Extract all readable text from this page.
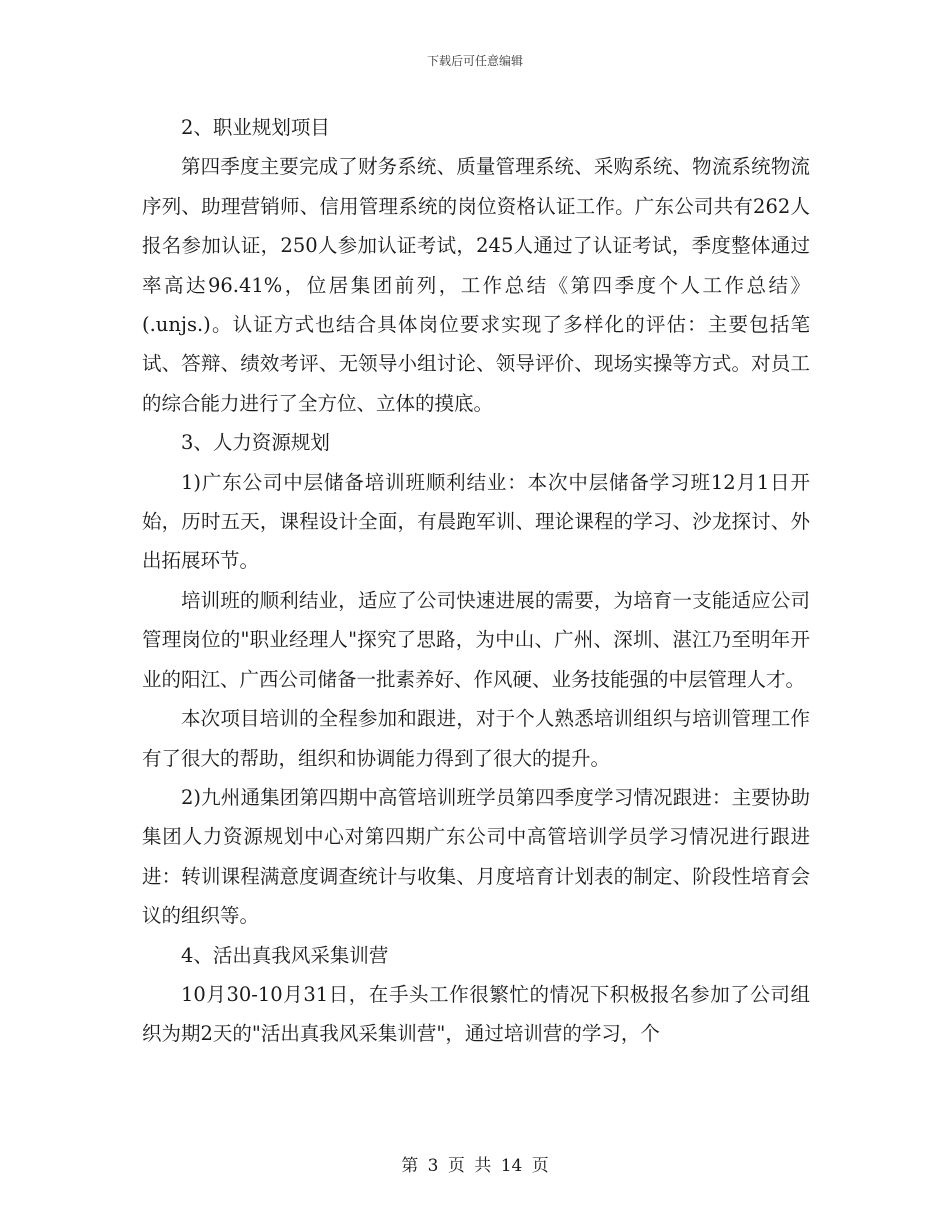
下载后可任意编辑

2、职业规划项目

第四季度主要完成了财务系统、质量管理系统、采购系统、物流系统物流序列、助理营销师、信用管理系统的岗位资格认证工作。广东公司共有262人报名参加认证，250人参加认证考试，245人通过了认证考试，季度整体通过率高达96.41%，位居集团前列，工作总结《第四季度个人工作总结》(.unjs.)。认证方式也结合具体岗位要求实现了多样化的评估：主要包括笔试、答辩、绩效考评、无领导小组讨论、领导评价、现场实操等方式。对员工的综合能力进行了全方位、立体的摸底。

3、人力资源规划

1)广东公司中层储备培训班顺利结业：本次中层储备学习班12月1日开始，历时五天，课程设计全面，有晨跑军训、理论课程的学习、沙龙探讨、外出拓展环节。

培训班的顺利结业，适应了公司快速进展的需要，为培育一支能适应公司管理岗位的"职业经理人"探究了思路，为中山、广州、深圳、湛江乃至明年开业的阳江、广西公司储备一批素养好、作风硬、业务技能强的中层管理人才。

本次项目培训的全程参加和跟进，对于个人熟悉培训组织与培训管理工作有了很大的帮助，组织和协调能力得到了很大的提升。

2)九州通集团第四期中高管培训班学员第四季度学习情况跟进：主要协助集团人力资源规划中心对第四期广东公司中高管培训学员学习情况进行跟进进：转训课程满意度调查统计与收集、月度培育计划表的制定、阶段性培育会议的组织等。

4、活出真我风采集训营

10月30-10月31日，在手头工作很繁忙的情况下积极报名参加了公司组织为期2天的"活出真我风采集训营"，通过培训营的学习，个

第 3 页 共 14 页
